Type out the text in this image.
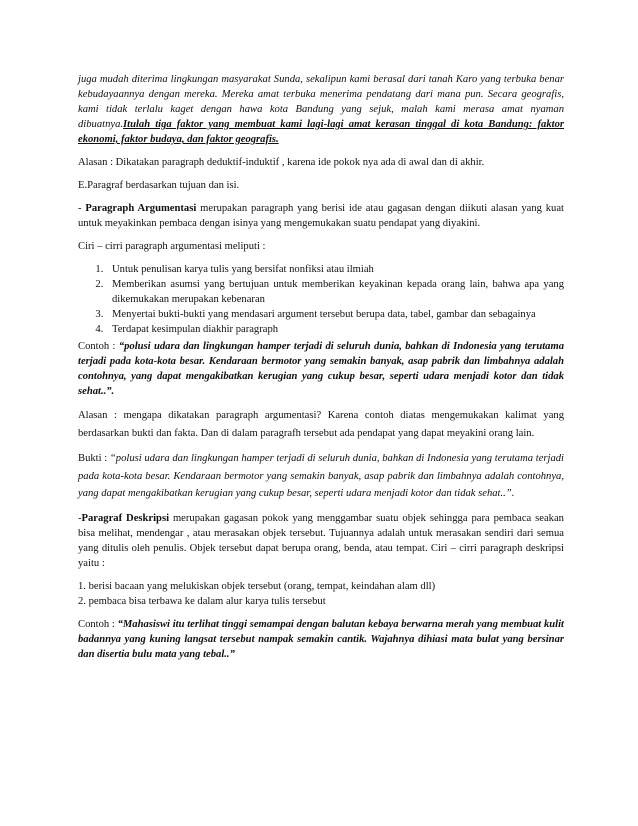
juga mudah diterima lingkungan masyarakat Sunda, sekalipun kami berasal dari tanah Karo yang terbuka benar kebudayaannya dengan mereka. Mereka amat terbuka menerima pendatang dari mana pun. Secara geografis, kami tidak terlalu kaget dengan hawa kota Bandung yang sejuk, malah kami merasa amat nyaman dibuatnya.Itulah tiga faktor yang membuat kami lagi-lagi amat kerasan tinggal di kota Bandung: faktor ekonomi, faktor budaya, dan faktor geografis.

Alasan : Dikatakan paragraph deduktif-induktif , karena ide pokok nya ada di awal dan di akhir.

E.Paragraf berdasarkan tujuan dan isi.

- Paragraph Argumentasi merupakan paragraph yang berisi ide atau gagasan dengan diikuti alasan yang kuat untuk meyakinkan pembaca dengan isinya yang mengemukakan suatu pendapat yang diyakini.

Ciri – cirri paragraph argumentasi meliputi :

1. Untuk penulisan karya tulis yang bersifat nonfiksi atau ilmiah
2. Memberikan asumsi yang bertujuan untuk memberikan keyakinan kepada orang lain, bahwa apa yang dikemukakan merupakan kebenaran
3. Menyertai bukti-bukti yang mendasari argument tersebut berupa data, tabel, gambar dan sebagainya
4. Terdapat kesimpulan diakhir paragraph

Contoh : “polusi udara dan lingkungan hamper terjadi di seluruh dunia, bahkan di Indonesia yang terutama terjadi pada kota-kota besar. Kendaraan bermotor yang semakin banyak, asap pabrik dan limbahnya adalah contohnya, yang dapat mengakibatkan kerugian yang cukup besar, seperti udara menjadi kotor dan tidak sehat..”.

Alasan : mengapa dikatakan paragraph argumentasi? Karena contoh diatas mengemukakan kalimat yang berdasarkan bukti dan fakta. Dan di dalam paragrafh tersebut ada pendapat yang dapat meyakini orang lain.

Bukti : “polusi udara dan lingkungan hamper terjadi di seluruh dunia, bahkan di Indonesia yang terutama terjadi pada kota-kota besar. Kendaraan bermotor yang semakin banyak, asap pabrik dan limbahnya adalah contohnya, yang dapat mengakibatkan kerugian yang cukup besar, seperti udara menjadi kotor dan tidak sehat..”.

-Paragraf Deskripsi merupakan gagasan pokok yang menggambar suatu objek sehingga para pembaca seakan bisa melihat, mendengar , atau merasakan objek tersebut. Tujuannya adalah untuk merasakan sendiri dari semua yang ditulis oleh penulis. Objek tersebut dapat berupa orang, benda, atau tempat. Ciri – cirri paragraph deskripsi yaitu :

1. berisi bacaan yang melukiskan objek tersebut (orang, tempat, keindahan alam dll)

2. pembaca bisa terbawa ke dalam alur karya tulis tersebut

Contoh : “Mahasiswi itu terlihat tinggi semampai dengan balutan kebaya berwarna merah yang membuat kulit badannya yang kuning langsat tersebut nampak semakin cantik. Wajahnya dihiasi mata bulat yang bersinar dan disertia bulu mata yang tebal..”
